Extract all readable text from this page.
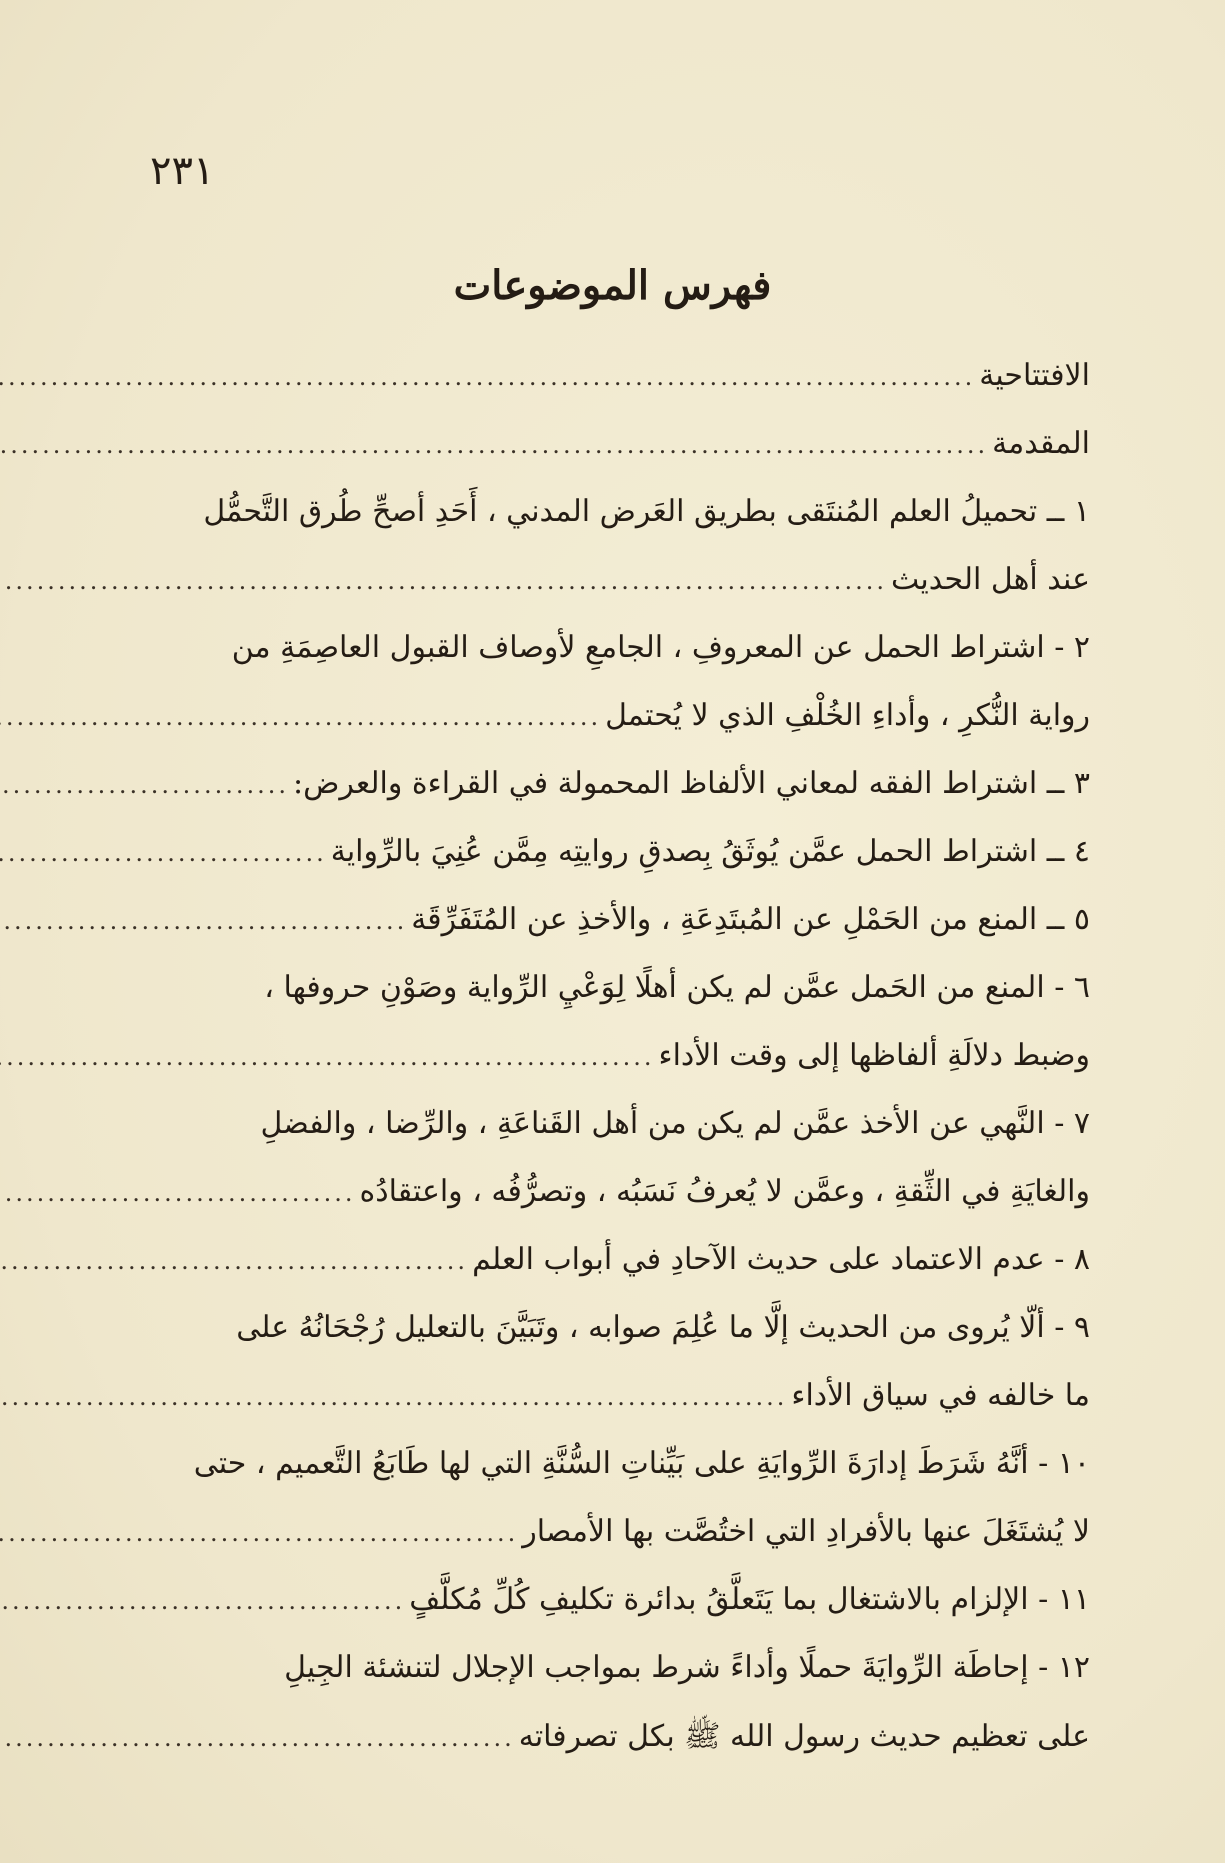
٢٣١
فهرس الموضوعات
الافتتاحية
.....
المقدمة
.....
١ ــ تحميلُ العلم المُنتَقى بطريق العَرض المدني ، أَحَدِ أصحِّ طُرق التَّحمُّل
عند أهل الحديث
.....
٢ - اشتراط الحمل عن المعروفِ ، الجامعِ لأوصاف القبول العاصِمَةِ من
رواية النُّكرِ ، وأداءِ الخُلْفِ الذي لا يُحتمل
.....
٣ ــ اشتراط الفقه لمعاني الألفاظ المحمولة في القراءة والعرض:
.....
٤ ــ اشتراط الحمل عمَّن يُوثَقُ بِصدقِ روايتِه مِمَّن عُنِيَ بالرِّواية
.....
٥ ــ المنع من الحَمْلِ عن المُبتَدِعَةِ ، والأخذِ عن المُتَفَرِّقَة
.....
٦ - المنع من الحَمل عمَّن لم يكن أهلًا لِوَعْيِ الرِّواية وصَوْنِ حروفها ،
وضبط دلالَةِ ألفاظها إلى وقت الأداء
.....
٧ - النَّهي عن الأخذ عمَّن لم يكن من أهل القَناعَةِ ، والرِّضا ، والفضلِ
والغايَةِ في الثِّقةِ ، وعمَّن لا يُعرفُ نَسَبُه ، وتصرُّفُه ، واعتقادُه
.....
٨ - عدم الاعتماد على حديث الآحادِ في أبواب العلم
.....
٩ - ألّا يُروى من الحديث إلَّا ما عُلِمَ صوابه ، وتَبَيَّنَ بالتعليل رُجْحَانُهُ على
ما خالفه في سياق الأداء
.....
١٠ - أنَّهُ شَرَطَ إدارَةَ الرِّوايَةِ على بَيِّناتِ السُّنَّةِ التي لها طَابَعُ التَّعميم ، حتى
لا يُشتَغَلَ عنها بالأفرادِ التي اختُصَّت بها الأمصار
.....
١١ - الإلزام بالاشتغال بما يَتَعلَّقُ بدائرة تكليفِ كُلِّ مُكلَّفٍ
.....
١٢ - إحاطَة الرِّوايَةَ حملًا وأداءً شرط بمواجب الإجلال لتنشئة الجِيلِ
على تعظيم حديث رسول الله ﷺ بكل تصرفاته
.....
